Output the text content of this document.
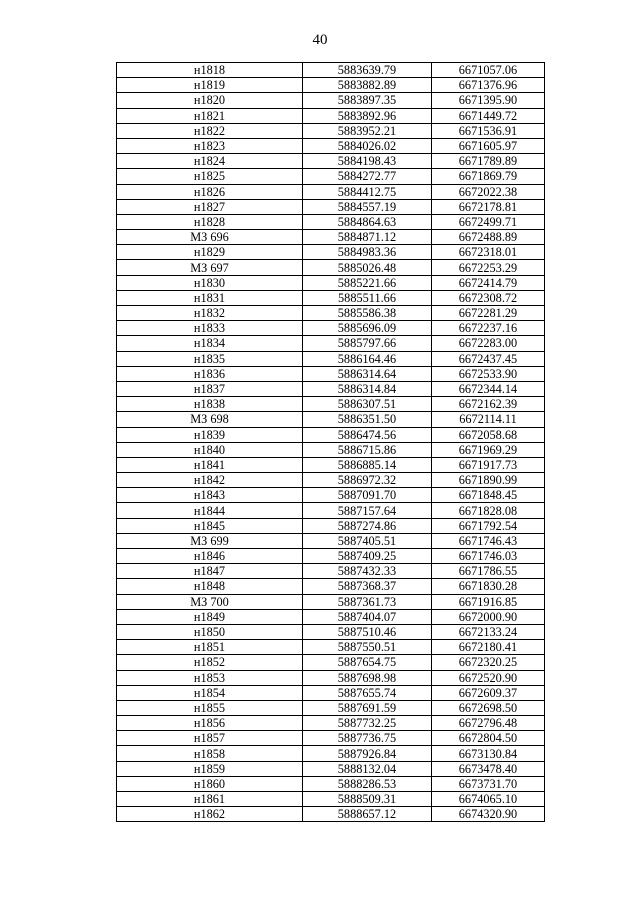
40
н1818	5883639.79	6671057.06
н1819	5883882.89	6671376.96
н1820	5883897.35	6671395.90
н1821	5883892.96	6671449.72
н1822	5883952.21	6671536.91
н1823	5884026.02	6671605.97
н1824	5884198.43	6671789.89
н1825	5884272.77	6671869.79
н1826	5884412.75	6672022.38
н1827	5884557.19	6672178.81
н1828	5884864.63	6672499.71
МЗ 696	5884871.12	6672488.89
н1829	5884983.36	6672318.01
МЗ 697	5885026.48	6672253.29
н1830	5885221.66	6672414.79
н1831	5885511.66	6672308.72
н1832	5885586.38	6672281.29
н1833	5885696.09	6672237.16
н1834	5885797.66	6672283.00
н1835	5886164.46	6672437.45
н1836	5886314.64	6672533.90
н1837	5886314.84	6672344.14
н1838	5886307.51	6672162.39
МЗ 698	5886351.50	6672114.11
н1839	5886474.56	6672058.68
н1840	5886715.86	6671969.29
н1841	5886885.14	6671917.73
н1842	5886972.32	6671890.99
н1843	5887091.70	6671848.45
н1844	5887157.64	6671828.08
н1845	5887274.86	6671792.54
МЗ 699	5887405.51	6671746.43
н1846	5887409.25	6671746.03
н1847	5887432.33	6671786.55
н1848	5887368.37	6671830.28
МЗ 700	5887361.73	6671916.85
н1849	5887404.07	6672000.90
н1850	5887510.46	6672133.24
н1851	5887550.51	6672180.41
н1852	5887654.75	6672320.25
н1853	5887698.98	6672520.90
н1854	5887655.74	6672609.37
н1855	5887691.59	6672698.50
н1856	5887732.25	6672796.48
н1857	5887736.75	6672804.50
н1858	5887926.84	6673130.84
н1859	5888132.04	6673478.40
н1860	5888286.53	6673731.70
н1861	5888509.31	6674065.10
н1862	5888657.12	6674320.90
